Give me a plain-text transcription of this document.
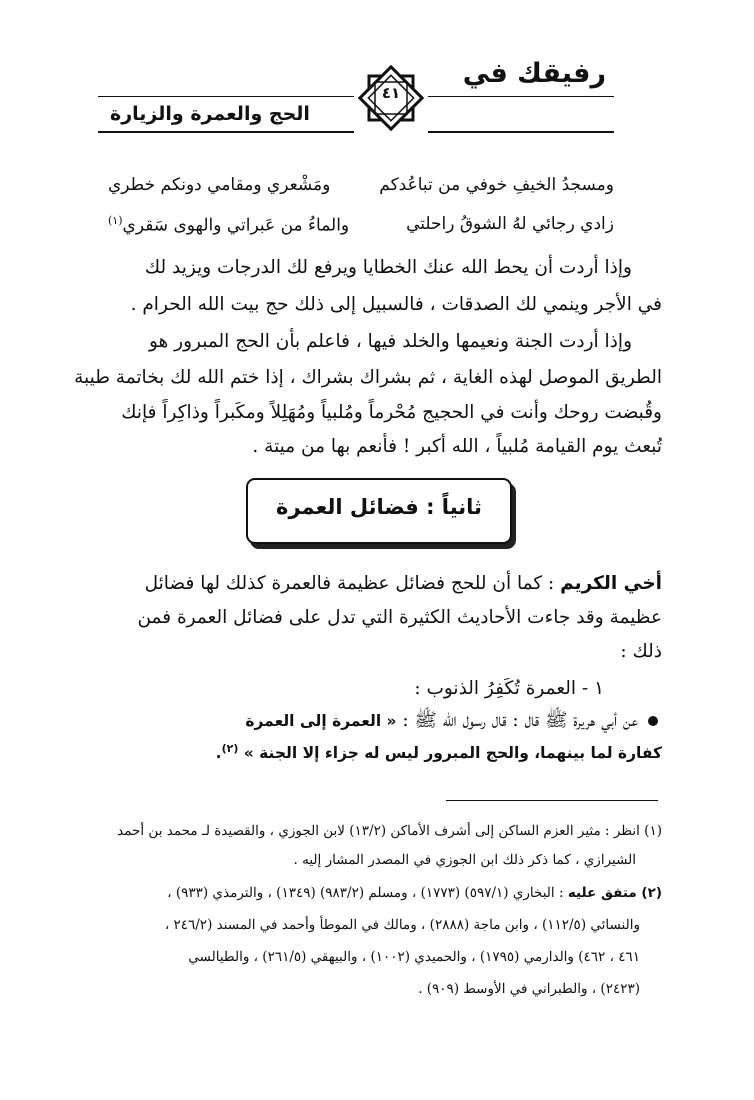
رفيقك في
الحج والعمرة والزيارة
٤١
ومسجدُ الخيفِ خوفي من تباعُدكم
ومَشْعري ومقامي دونكم خطري
زادي رجائي لهُ الشوقُ راحلتي
والماءُ من عَبراتي والهوى سَقري$^{(١)}$
وإذا أردت أن يحط الله عنك الخطايا ويرفع لك الدرجات ويزيد لك
في الأجر وينمي لك الصدقات ، فالسبيل إلى ذلك حج بيت الله الحرام .
وإذا أردت الجنة ونعيمها والخلد فيها ، فاعلم بأن الحج المبرور هو
الطريق الموصل لهذه الغاية ، ثم بشراك بشراك ، إذا ختم الله لك بخاتمة طيبة
وقُبضت روحك وأنت في الحجيج مُحْرماً ومُلبياً ومُهَلِلاً ومكَبراً وذاكِراً فإنك
تُبعث يوم القيامة مُلبياً ، الله أكبر ! فأنعم بها من ميتة .
ثانياً : فضائل العمرة
أخي الكريم : كما أن للحج فضائل عظيمة فالعمرة كذلك لها فضائل
عظيمة وقد جاءت الأحاديث الكثيرة التي تدل على فضائل العمرة فمن
ذلك :
١ - العمرة تُكَفِرُ الذنوب :
عن أبي هريرة ﷺ قال : قال رسول الله ﷺ : « العمرة إلى العمرة
كفارة لما بينهما، والحج المبرور ليس له جزاء إلا الجنة » $^{(٢)}$.
(١) انظر : مثير العزم الساكن إلى أشرف الأماكن (١٣/٢) لابن الجوزي ، والقصيدة لـ محمد بن أحمد
الشيرازي ، كما ذكر ذلك ابن الجوزي في المصدر المشار إليه .
(٢) متفق عليه : البخاري (٥٩٧/١) (١٧٧٣) ، ومسلم (٩٨٣/٢) (١٣٤٩) ، والترمذي (٩٣٣) ،
والنسائي (١١٢/٥) ، وابن ماجة (٢٨٨٨) ، ومالك في الموطأ وأحمد في المسند (٢٤٦/٢ ،
٤٦١ ، ٤٦٢) والدارمي (١٧٩٥) ، والحميدي (١٠٠٢) ، والبيهقي (٢٦١/٥) ، والطيالسي
(٢٤٢٣) ، والطبراني في الأوسط (٩٠٩) .
